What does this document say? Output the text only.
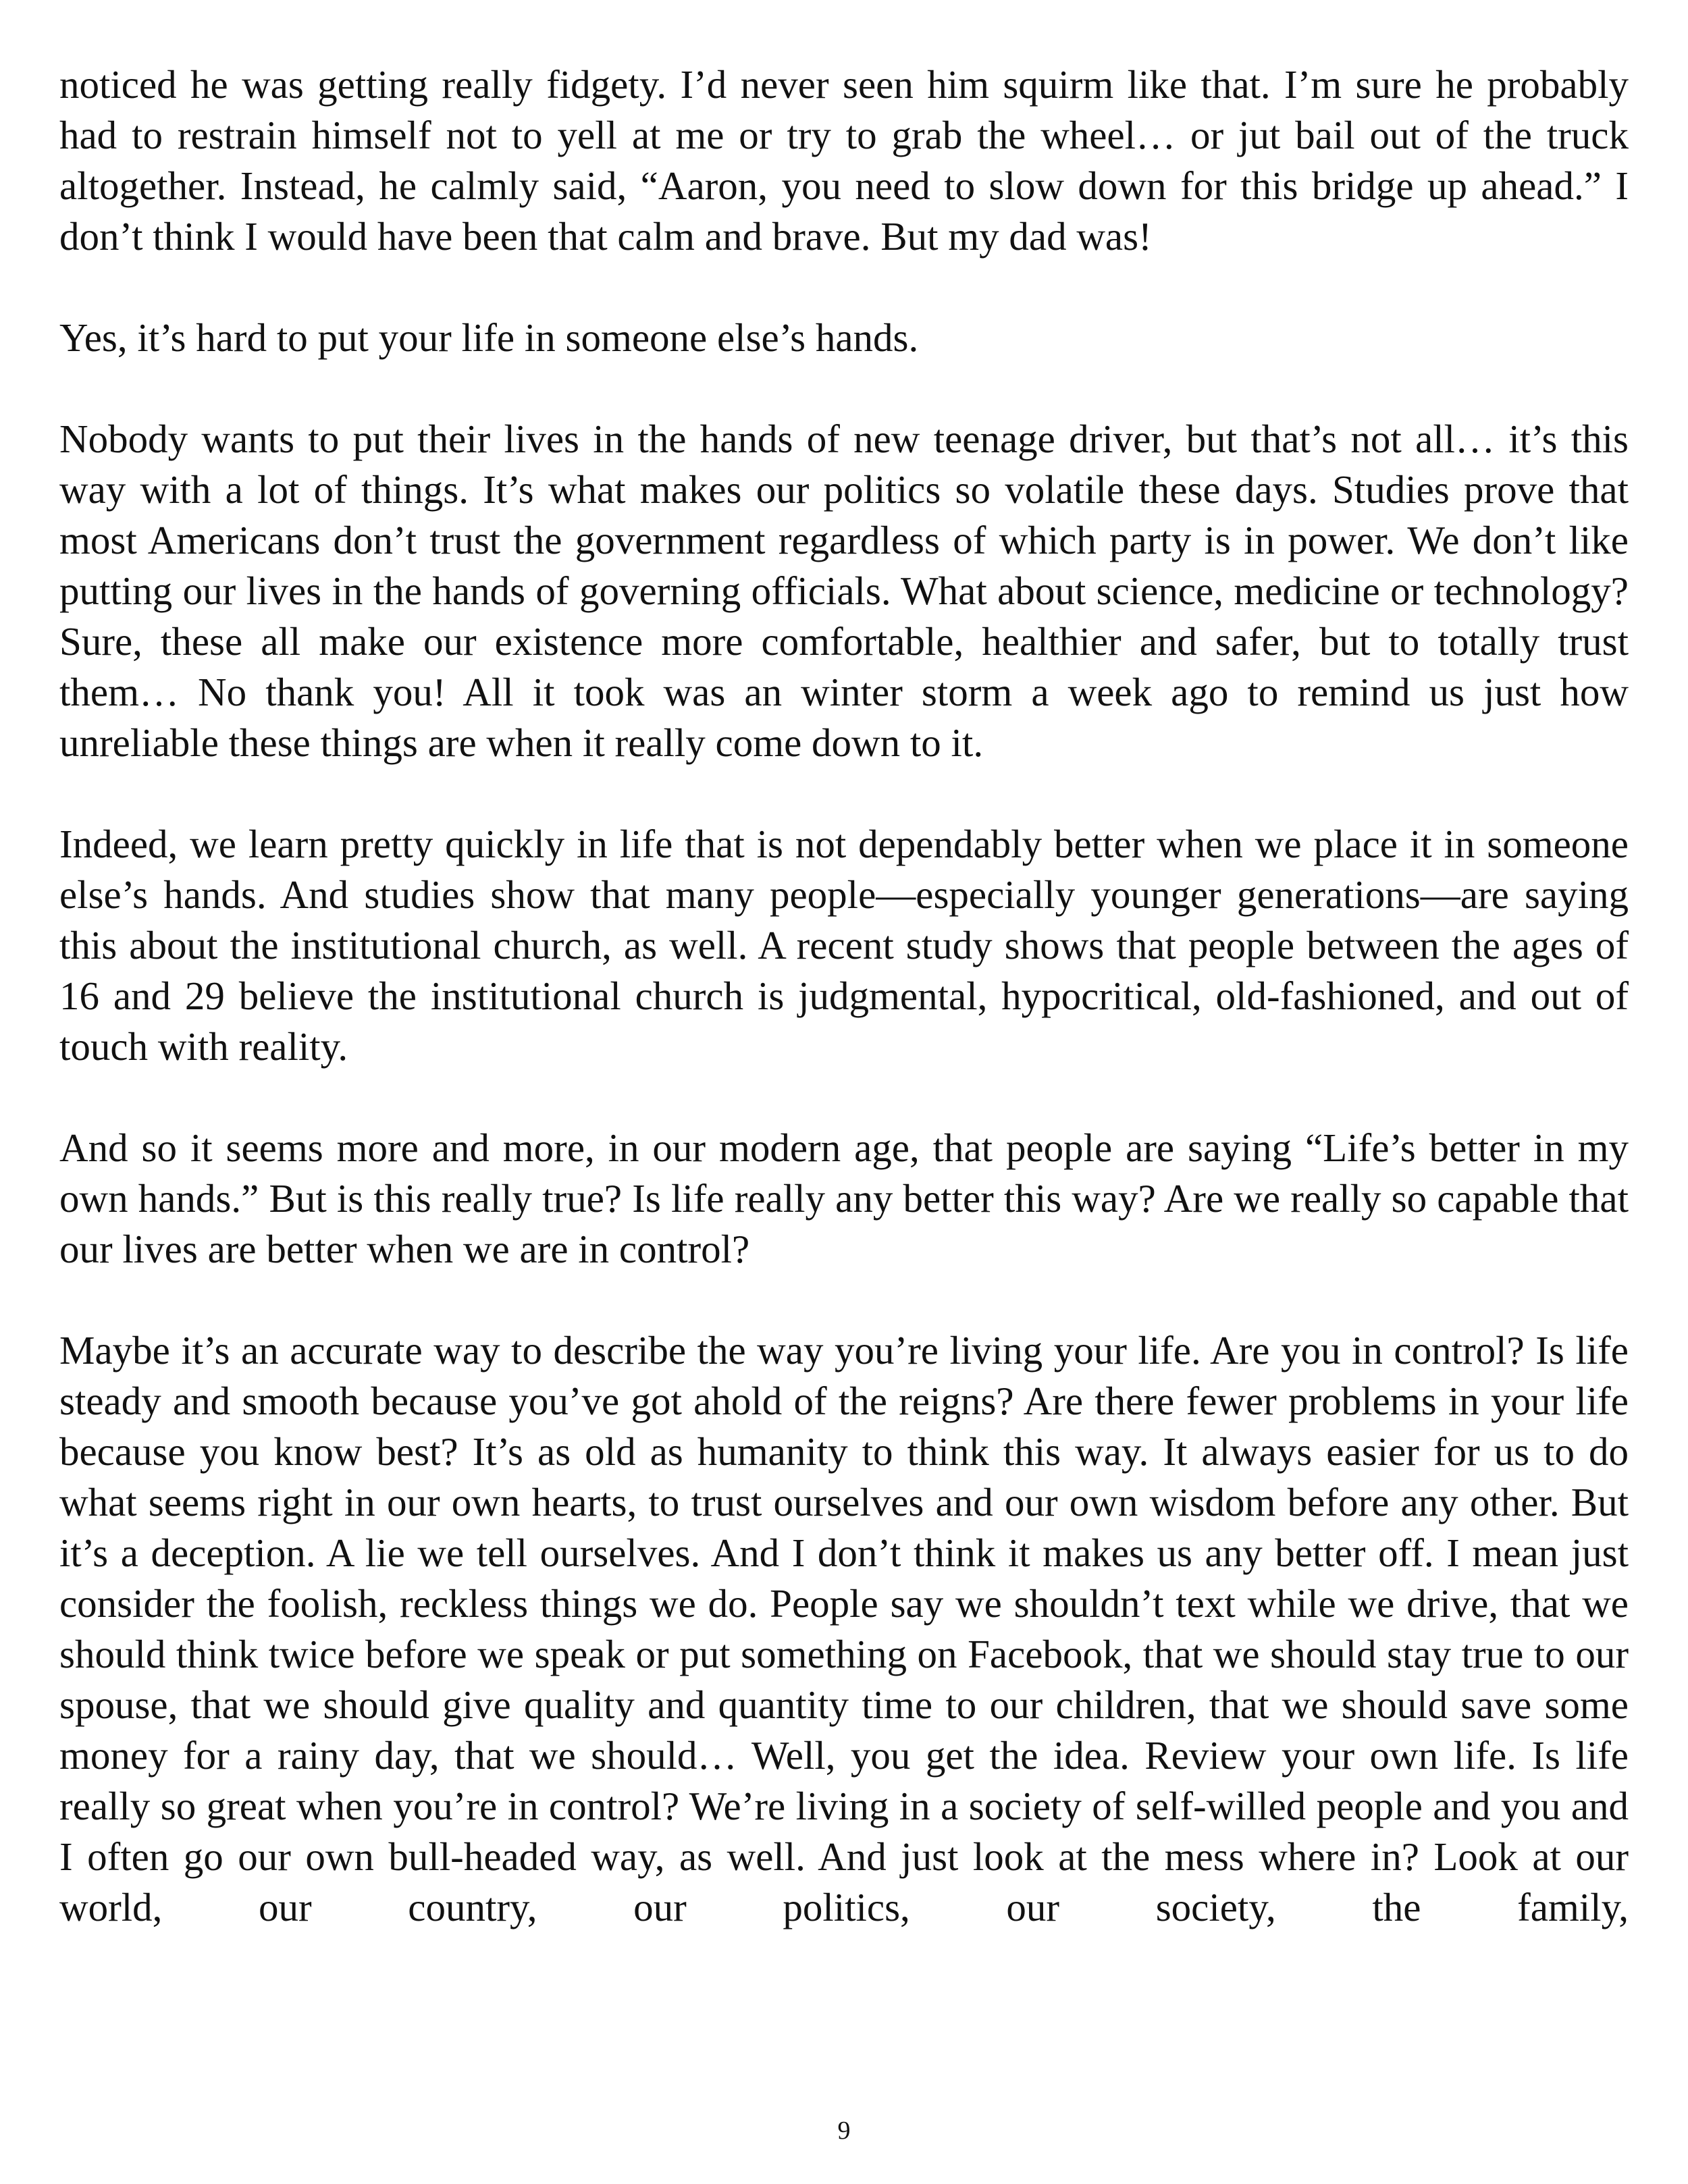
noticed he was getting really fidgety. I’d never seen him squirm like that. I’m sure he probably had to restrain himself not to yell at me or try to grab the wheel… or jut bail out of the truck altogether. Instead, he calmly said, “Aaron, you need to slow down for this bridge up ahead.” I don’t think I would have been that calm and brave. But my dad was!

Yes, it’s hard to put your life in someone else’s hands.

Nobody wants to put their lives in the hands of new teenage driver, but that’s not all… it’s this way with a lot of things. It’s what makes our politics so volatile these days. Studies prove that most Americans don’t trust the government regardless of which party is in power. We don’t like putting our lives in the hands of governing officials. What about science, medicine or technology? Sure, these all make our existence more comfortable, healthier and safer, but to totally trust them… No thank you! All it took was an winter storm a week ago to remind us just how unreliable these things are when it really come down to it.

Indeed, we learn pretty quickly in life that is not dependably better when we place it in someone else’s hands. And studies show that many people—especially younger generations—are saying this about the institutional church, as well. A recent study shows that people between the ages of 16 and 29 believe the institutional church is judgmental, hypocritical, old-fashioned, and out of touch with reality.

And so it seems more and more, in our modern age, that people are saying “Life’s better in my own hands.” But is this really true? Is life really any better this way? Are we really so capable that our lives are better when we are in control?

Maybe it’s an accurate way to describe the way you’re living your life. Are you in control? Is life steady and smooth because you’ve got ahold of the reigns? Are there fewer problems in your life because you know best? It’s as old as humanity to think this way. It always easier for us to do what seems right in our own hearts, to trust ourselves and our own wisdom before any other. But it’s a deception. A lie we tell ourselves. And I don’t think it makes us any better off. I mean just consider the foolish, reckless things we do. People say we shouldn’t text while we drive, that we should think twice before we speak or put something on Facebook, that we should stay true to our spouse, that we should give quality and quantity time to our children, that we should save some money for a rainy day, that we should… Well, you get the idea. Review your own life. Is life really so great when you’re in control? We’re living in a society of self-willed people and you and I often go our own bull-headed way, as well. And just look at the mess where in? Look at our world, our country, our politics, our society, the family,

9
